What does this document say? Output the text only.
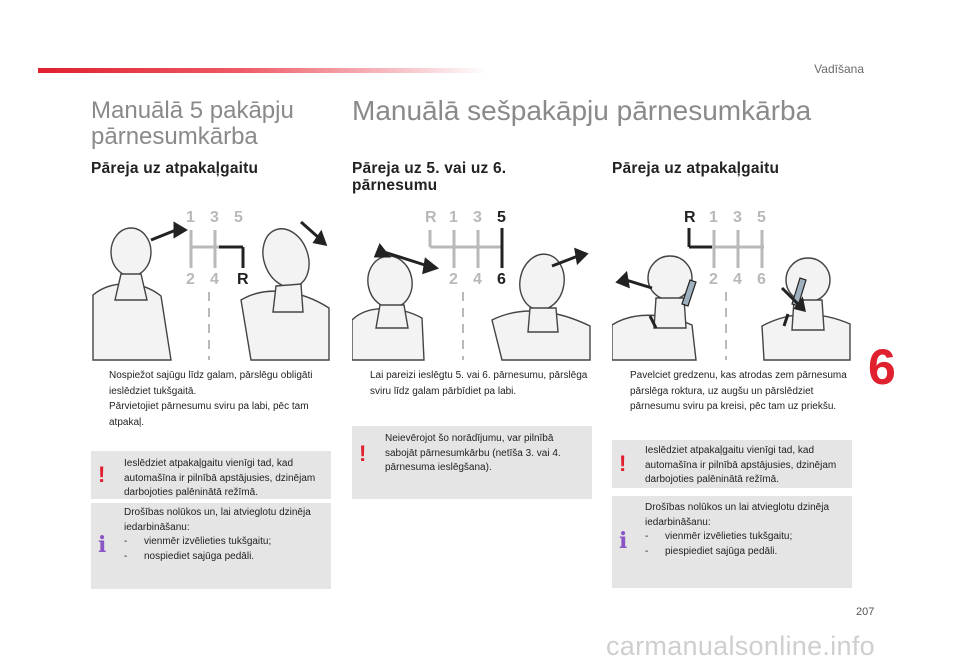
Vadīšana
Manuālā 5 pakāpju pārnesumkārba
Manuālā sešpakāpju pārnesumkārba
Pāreja uz atpakaļgaitu	Pāreja uz 5. vai uz 6. pārnesumu
Pāreja uz atpakaļgaitu
1 3 5
2 4 R
R 1 3 5
2 4 6
R 1 3 5
2 4 6
Nospiežot sajūgu līdz galam, pārslēgu obligāti ieslēdziet tukšgaitā.
Pārvietojiet pārnesumu sviru pa labi, pēc tam atpakaļ.
Lai pareizi ieslēgtu 5. vai 6. pārnesumu, pārslēga sviru līdz galam pārbīdiet pa labi.
Pavelciet gredzenu, kas atrodas zem pārnesuma pārslēga roktura, uz augšu un pārslēdziet pārnesumu sviru pa kreisi, pēc tam uz priekšu.
!	Ieslēdziet atpakaļgaitu vienīgi tad, kad automašīna ir pilnībā apstājusies, dzinējam darbojoties palēninātā režīmā.
i
Drošības nolūkos un, lai atvieglotu dzinēja iedarbināšanu:
- vienmēr izvēlieties tukšgaitu;
- nospiediet sajūga pedāli.
!
Neievērojot šo norādījumu, var pilnībā sabojāt pārnesumkārbu (netīša 3. vai 4. pārnesuma ieslēgšana).	!
Ieslēdziet atpakaļgaitu vienīgi tad, kad automašīna ir pilnībā apstājusies, dzinējam darbojoties palēninātā režīmā.
i
Drošības nolūkos un lai atvieglotu dzinēja iedarbināšanu:
- vienmēr izvēlieties tukšgaitu;
- piespiediet sajūga pedāli.
6
207
carmanualsonline.info
